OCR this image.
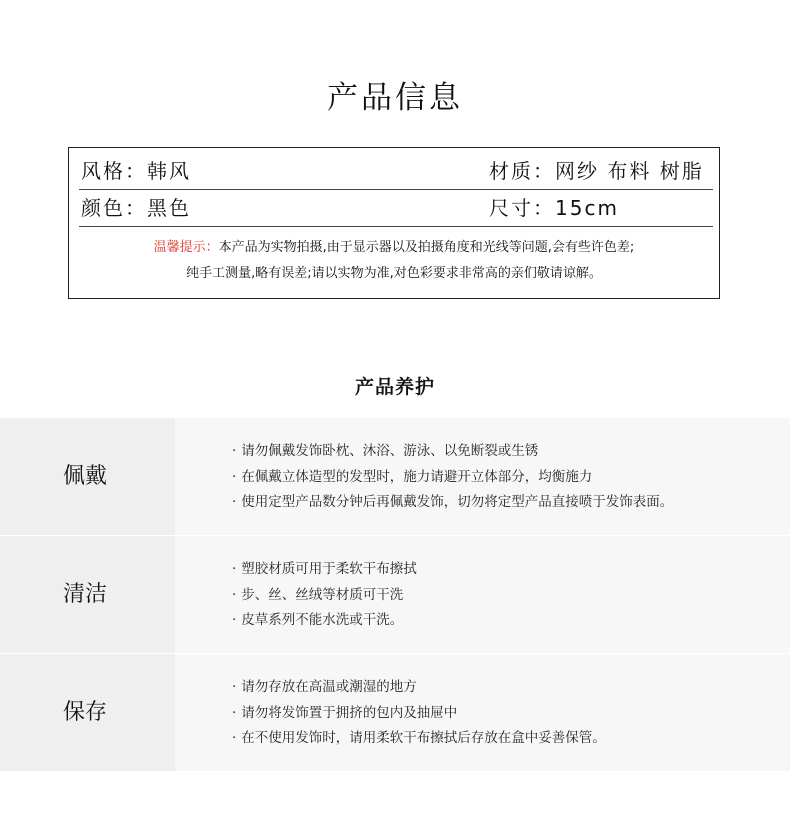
产品信息
风格：韩风	材质：网纱 布料 树脂
颜色：黑色	尺寸：15cm
温馨提示：本产品为实物拍摄,由于显示器以及拍摄角度和光线等问题,会有些许色差;
纯手工测量,略有误差;请以实物为准,对色彩要求非常高的亲们敬请谅解。
产品养护
佩戴
· 请勿佩戴发饰卧枕、沐浴、游泳、以免断裂或生锈
· 在佩戴立体造型的发型时，施力请避开立体部分，均衡施力
· 使用定型产品数分钟后再佩戴发饰，切勿将定型产品直接喷于发饰表面。
清洁
· 塑胶材质可用于柔软干布擦拭
· 步、丝、丝绒等材质可干洗
· 皮草系列不能水洗或干洗。
保存
· 请勿存放在高温或潮湿的地方
· 请勿将发饰置于拥挤的包内及抽屉中
· 在不使用发饰时，请用柔软干布擦拭后存放在盒中妥善保管。
